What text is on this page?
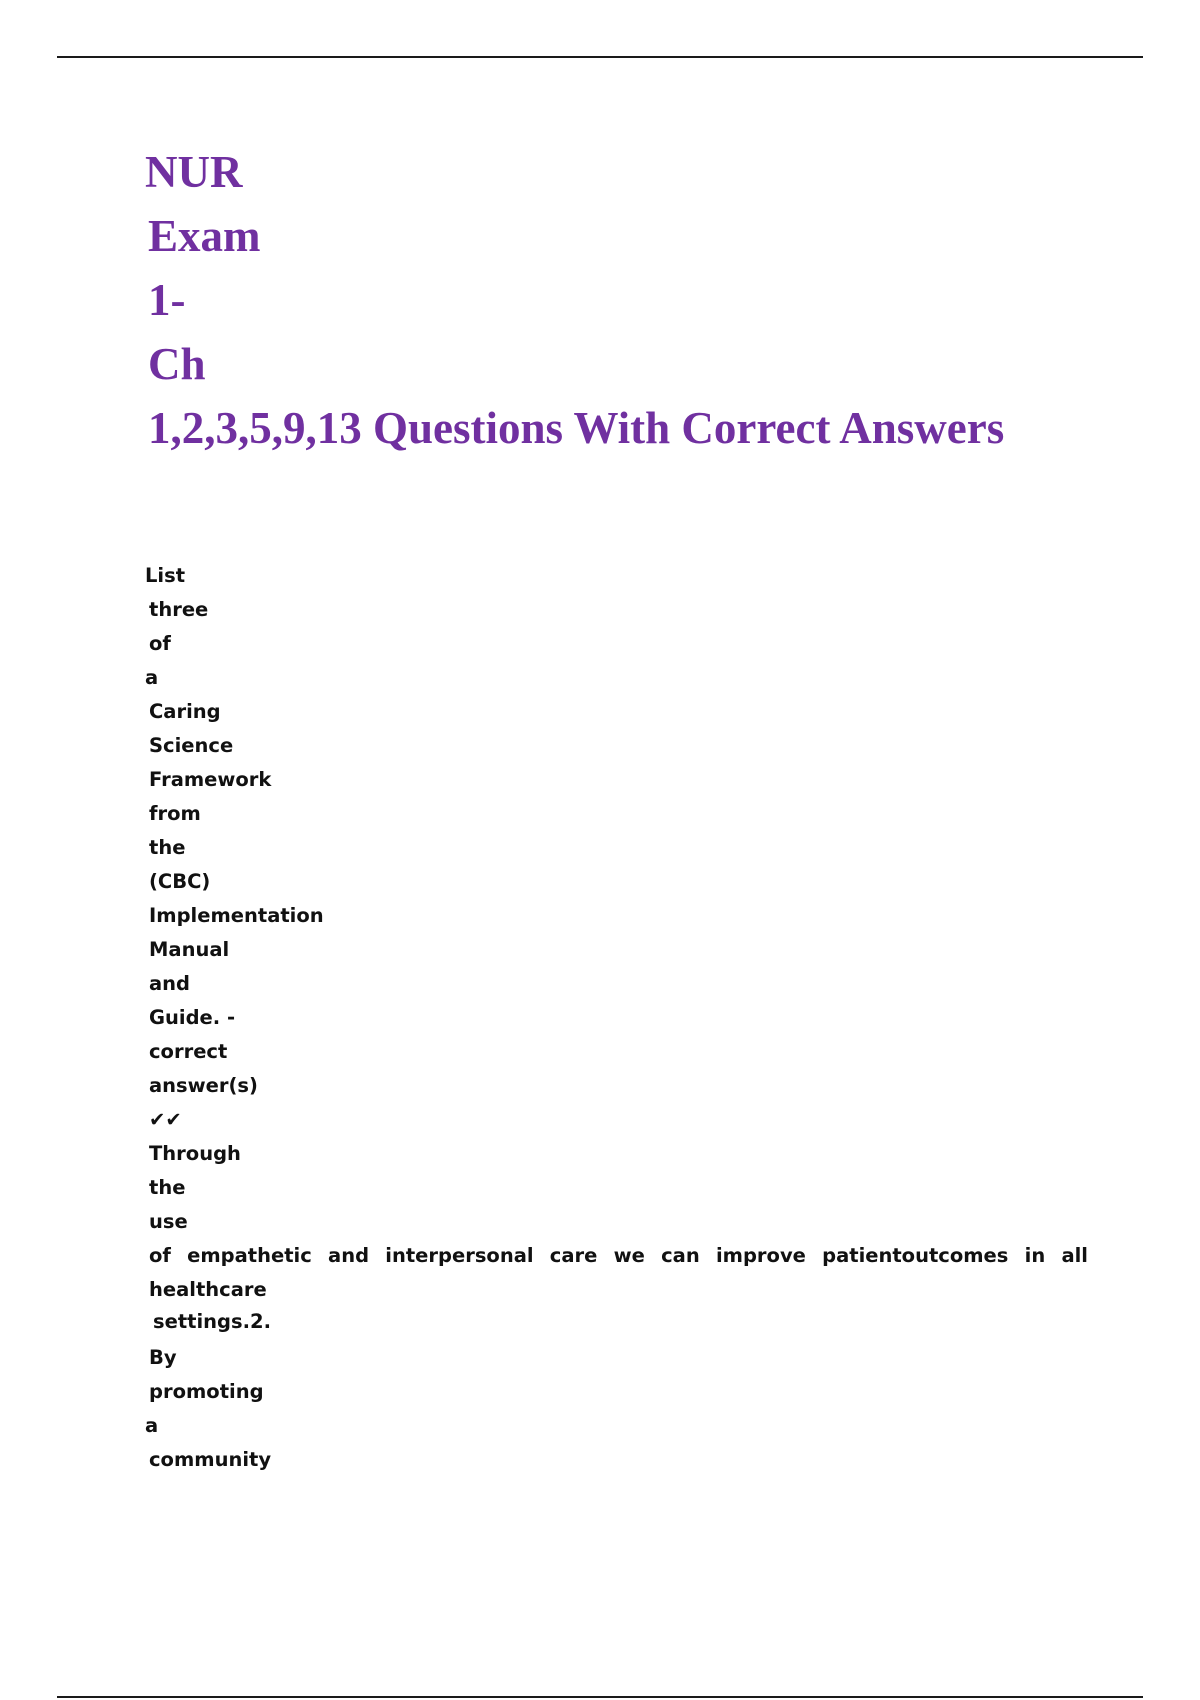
NUR
Exam
1-
Ch
1,2,3,5,9,13 Questions With Correct Answers
List
three
of
a
Caring
Science
Framework
from
the
(CBC)
Implementation
Manual
and
Guide. -
correct
answer(s)
✔✔
Through
the
use
of empathetic and interpersonal care we can improve patientoutcomes in all healthcare
settings.2.
By
promoting
a
community
